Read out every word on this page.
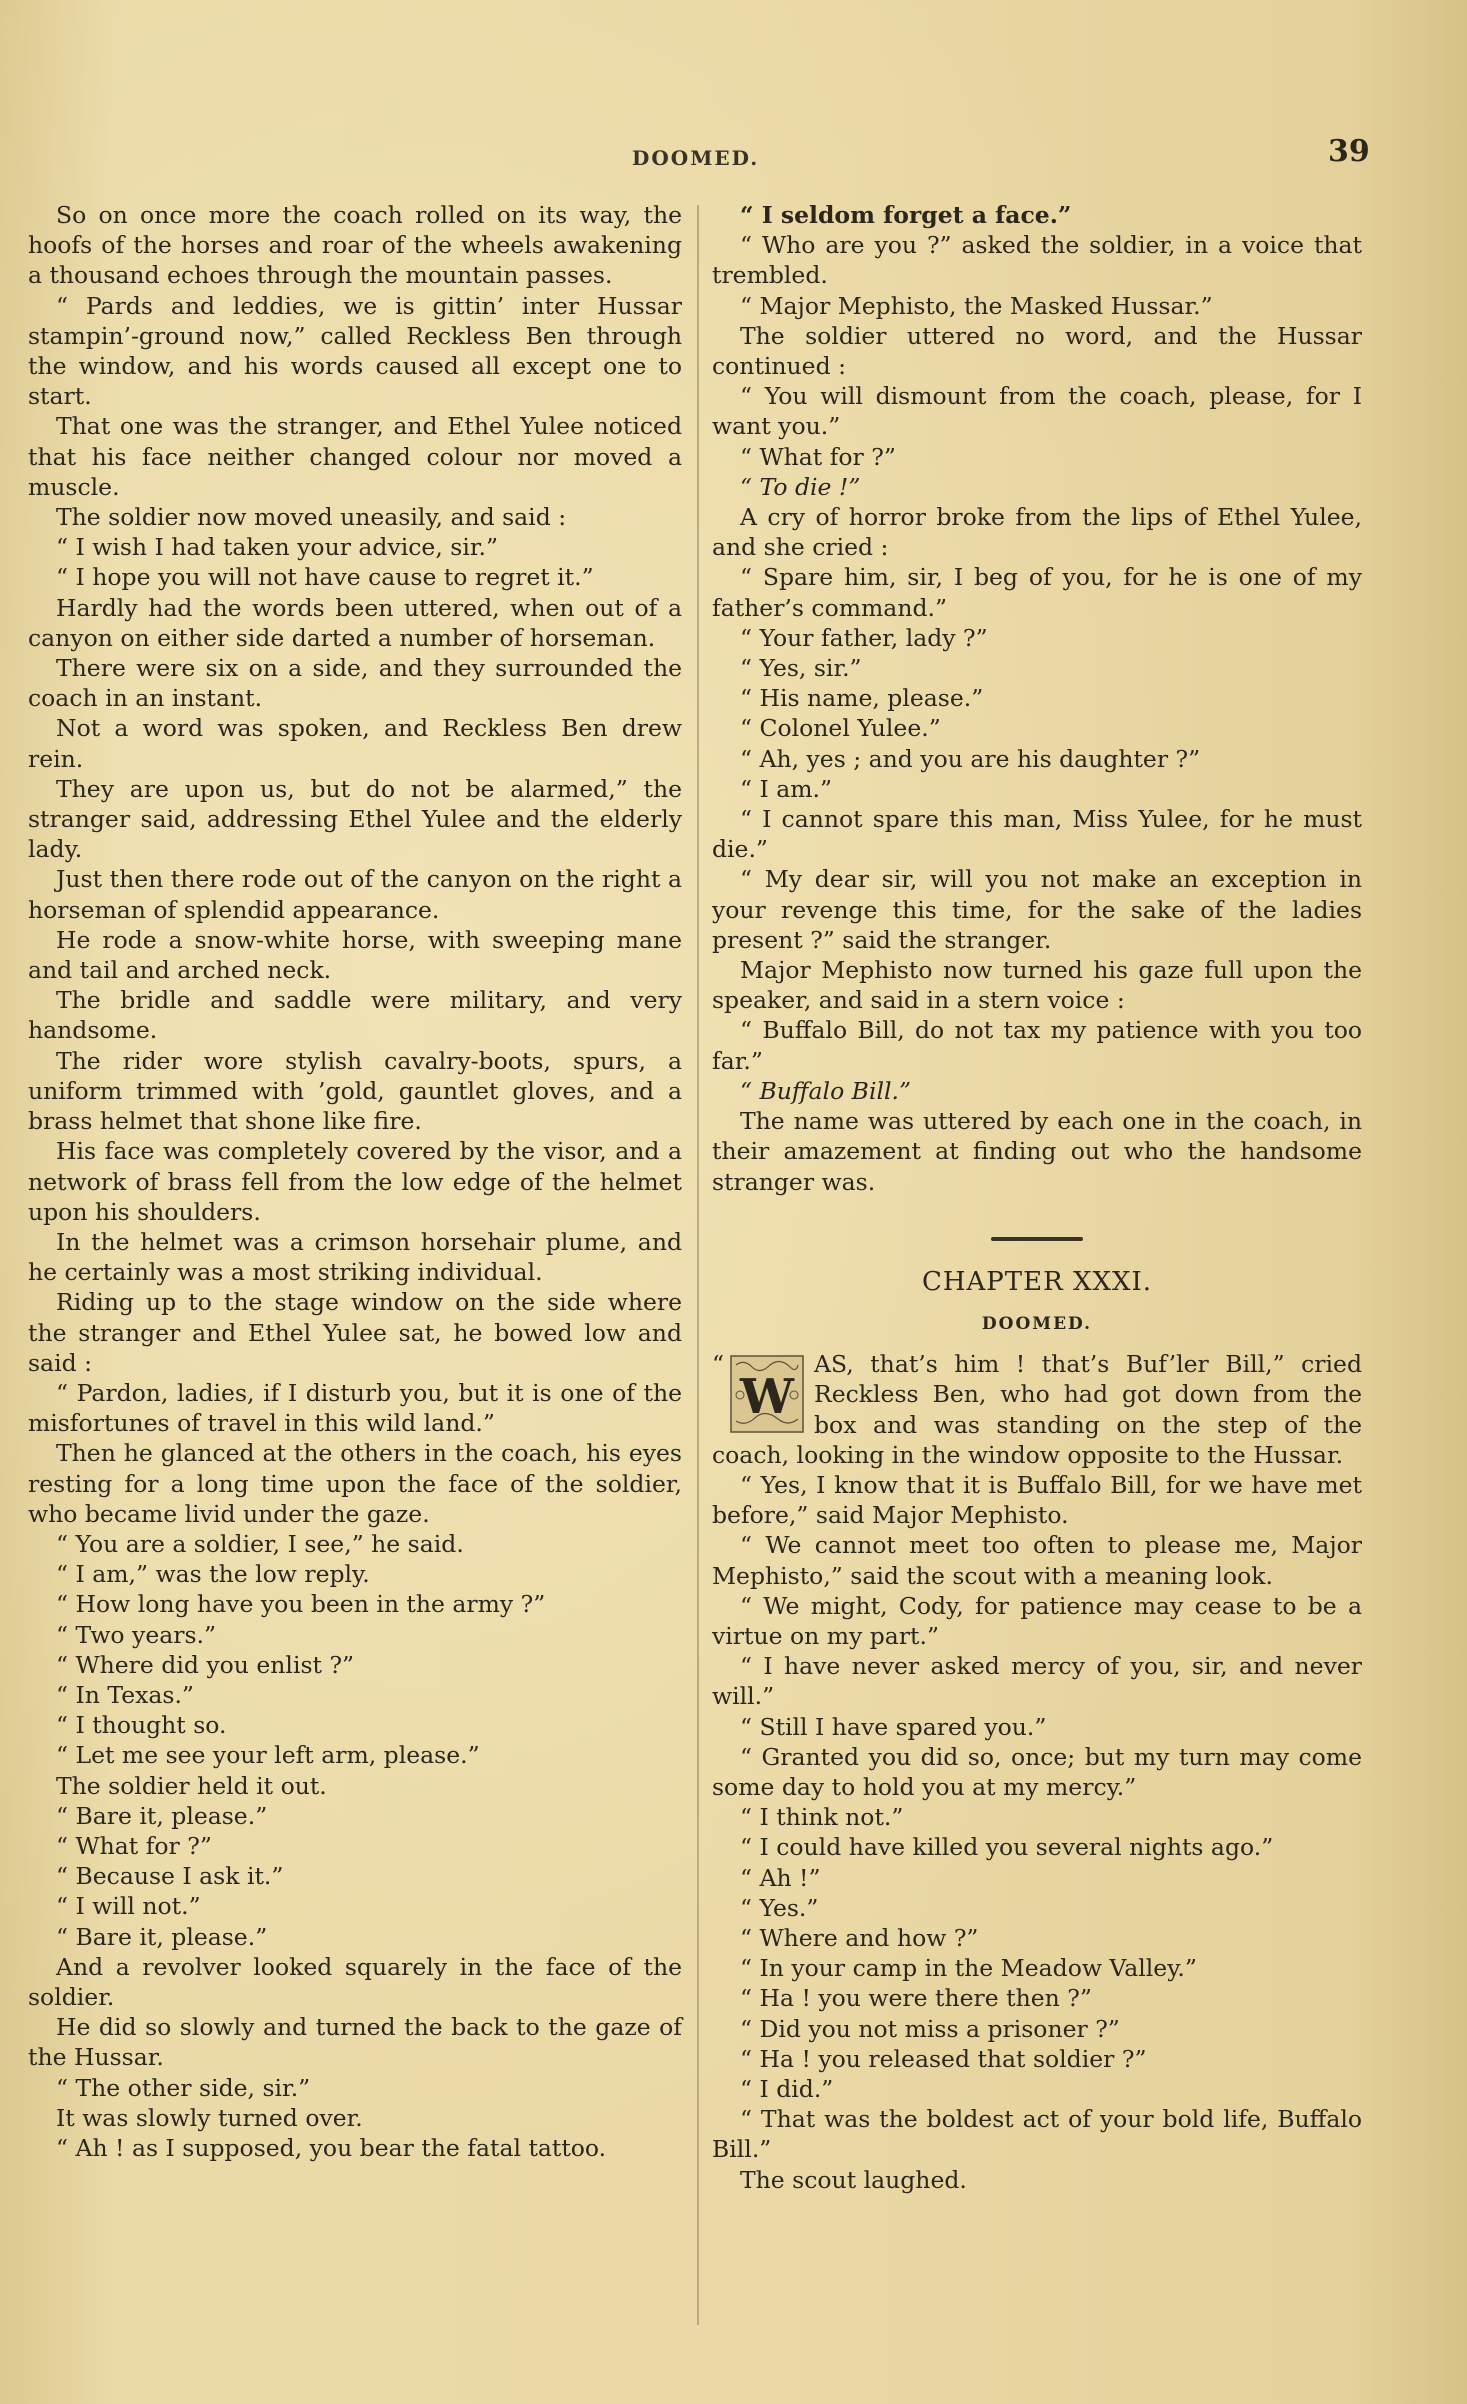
DOOMED.	39

So on once more the coach rolled on its way, the hoofs of the horses and roar of the wheels awakening a thousand echoes through the mountain passes.

“ Pards and leddies, we is gittin’ inter Hussar stampin’-ground now,” called Reckless Ben through the window, and his words caused all except one to start.

That one was the stranger, and Ethel Yulee noticed that his face neither changed colour nor moved a muscle.

The soldier now moved uneasily, and said :

“ I wish I had taken your advice, sir.”

“ I hope you will not have cause to regret it.”

Hardly had the words been uttered, when out of a canyon on either side darted a number of horseman.

There were six on a side, and they surrounded the coach in an instant.

Not a word was spoken, and Reckless Ben drew rein.

They are upon us, but do not be alarmed,” the stranger said, addressing Ethel Yulee and the elderly lady.

Just then there rode out of the canyon on the right a horseman of splendid appearance.

He rode a snow-white horse, with sweeping mane and tail and arched neck.

The bridle and saddle were military, and very handsome.

The rider wore stylish cavalry-boots, spurs, a uniform trimmed with ’gold, gauntlet gloves, and a brass helmet that shone like fire.

His face was completely covered by the visor, and a network of brass fell from the low edge of the helmet upon his shoulders.

In the helmet was a crimson horsehair plume, and he certainly was a most striking individual.

Riding up to the stage window on the side where the stranger and Ethel Yulee sat, he bowed low and said :

“ Pardon, ladies, if I disturb you, but it is one of the misfortunes of travel in this wild land.”

Then he glanced at the others in the coach, his eyes resting for a long time upon the face of the soldier, who became livid under the gaze.

“ You are a soldier, I see,” he said.

“ I am,” was the low reply.

“ How long have you been in the army ?”

“ Two years.”

“ Where did you enlist ?”

“ In Texas.”

“ I thought so.

“ Let me see your left arm, please.”

The soldier held it out.

“ Bare it, please.”

“ What for ?”

“ Because I ask it.”

“ I will not.”

“ Bare it, please.”

And a revolver looked squarely in the face of the soldier.

He did so slowly and turned the back to the gaze of the Hussar.

“ The other side, sir.”

It was slowly turned over.

“ Ah ! as I supposed, you bear the fatal tattoo.

“ I seldom forget a face.”

“ Who are you ?” asked the soldier, in a voice that trembled.

“ Major Mephisto, the Masked Hussar.”

The soldier uttered no word, and the Hussar continued :

“ You will dismount from the coach, please, for I want you.”

“ What for ?”

“ To die !”

A cry of horror broke from the lips of Ethel Yulee, and she cried :

“ Spare him, sir, I beg of you, for he is one of my father’s command.”

“ Your father, lady ?”

“ Yes, sir.”

“ His name, please.”

“ Colonel Yulee.”

“ Ah, yes ; and you are his daughter ?”

“ I am.”

“ I cannot spare this man, Miss Yulee, for he must die.”

“ My dear sir, will you not make an exception in your revenge this time, for the sake of the ladies present ?” said the stranger.

Major Mephisto now turned his gaze full upon the speaker, and said in a stern voice :

“ Buffalo Bill, do not tax my patience with you too far.”

“ Buffalo Bill.”

The name was uttered by each one in the coach, in their amazement at finding out who the handsome stranger was.

CHAPTER XXXI.

DOOMED.

“
W
AS, that’s him ! that’s Buf’ler Bill,” cried Reckless Ben, who had got down from the box and was standing on the step of the coach, looking in the window opposite to the Hussar.

“ Yes, I know that it is Buffalo Bill, for we have met before,” said Major Mephisto.

“ We cannot meet too often to please me, Major Mephisto,” said the scout with a meaning look.

“ We might, Cody, for patience may cease to be a virtue on my part.”

“ I have never asked mercy of you, sir, and never will.”

“ Still I have spared you.”

“ Granted you did so, once; but my turn may come some day to hold you at my mercy.”

“ I think not.”

“ I could have killed you several nights ago.”

“ Ah !”

“ Yes.”

“ Where and how ?”

“ In your camp in the Meadow Valley.”

“ Ha ! you were there then ?”

“ Did you not miss a prisoner ?”

“ Ha ! you released that soldier ?”

“ I did.”

“ That was the boldest act of your bold life, Buffalo Bill.”

The scout laughed.
